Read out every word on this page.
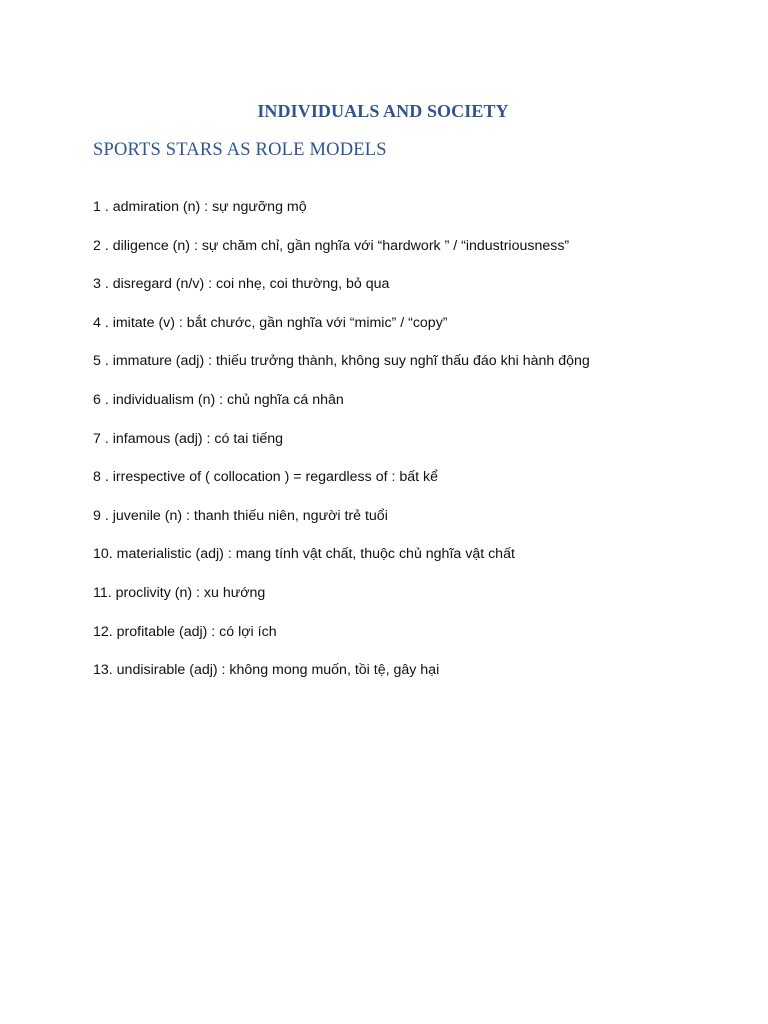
INDIVIDUALS AND SOCIETY
SPORTS STARS AS ROLE MODELS
1 . admiration (n) : sự ngưỡng mộ
2 . diligence (n) : sự chăm chỉ, gần nghĩa với “hardwork ” / “industriousness”
3 . disregard (n/v) : coi nhẹ, coi thường, bỏ qua
4 . imitate (v) : bắt chước, gần nghĩa với “mimic” / “copy”
5 . immature (adj) : thiếu trưởng thành, không suy nghĩ thấu đáo khi hành động
6 . individualism (n) : chủ nghĩa cá nhân
7 . infamous (adj) : có tai tiếng
8 . irrespective of ( collocation ) = regardless of : bất kể
9 . juvenile (n) : thanh thiếu niên, người trẻ tuổi
10. materialistic (adj) : mang tính vật chất, thuộc chủ nghĩa vật chất
11. proclivity (n) : xu hướng
12. profitable (adj) : có lợi ích
13. undisirable (adj) : không mong muốn, tồi tệ, gây hại
